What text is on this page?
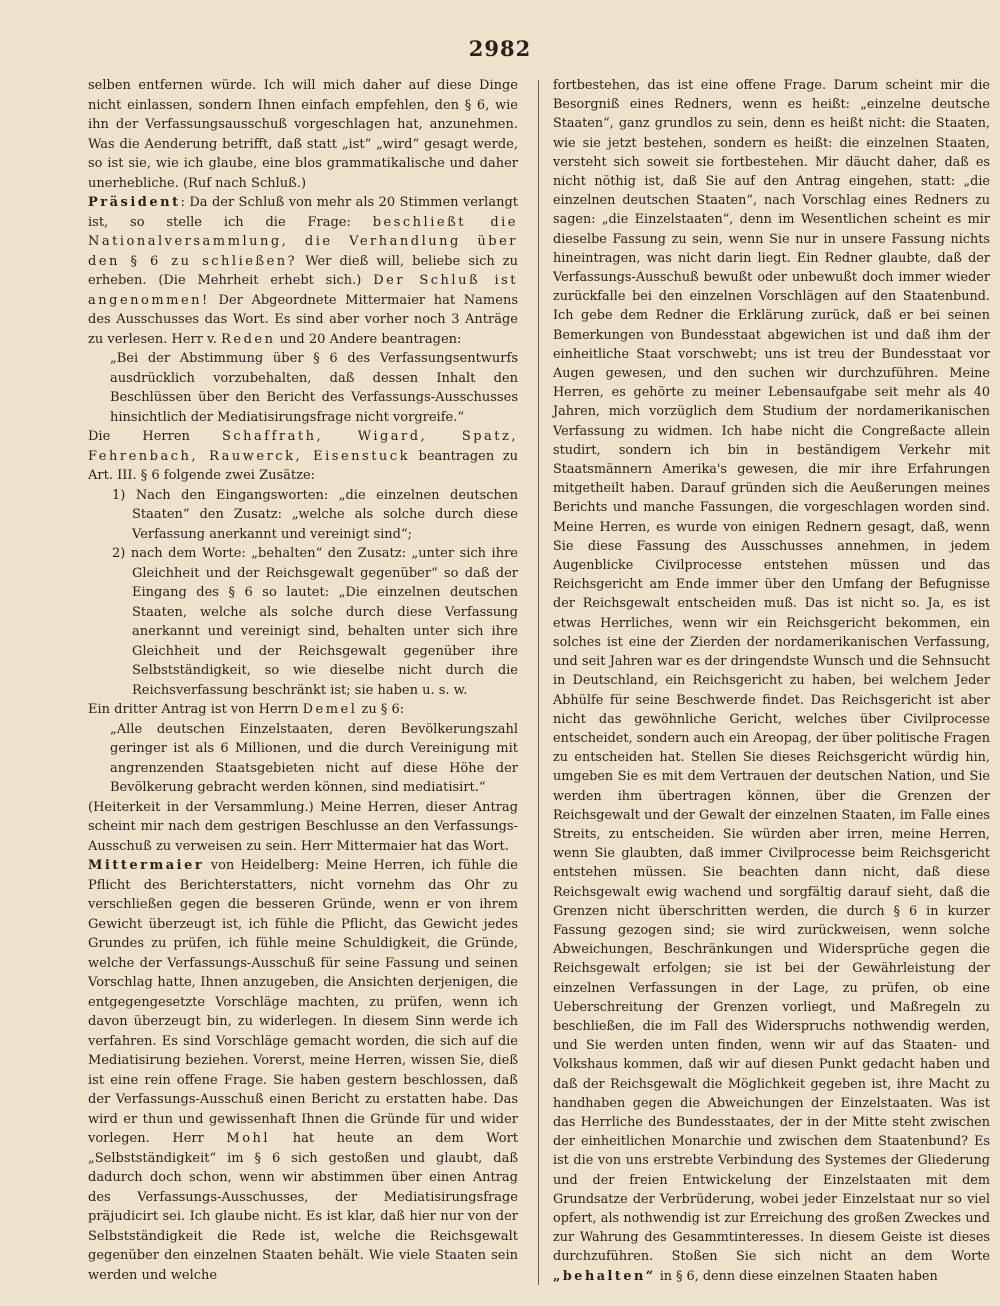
2982

selben entfernen würde. Ich will mich daher auf diese Dinge nicht einlassen, sondern Ihnen einfach empfehlen, den § 6, wie ihn der Verfassungsausschuß vorgeschlagen hat, anzunehmen. Was die Aenderung betrifft, daß statt „ist“ „wird“ gesagt werde, so ist sie, wie ich glaube, eine blos grammatikalische und daher unerhebliche. (Ruf nach Schluß.)

Präsident: Da der Schluß von mehr als 20 Stimmen verlangt ist, so stelle ich die Frage: beschließt die Nationalversammlung, die Verhandlung über den § 6 zu schließen? Wer dieß will, beliebe sich zu erheben. (Die Mehrheit erhebt sich.) Der Schluß ist angenommen! Der Abgeordnete Mittermaier hat Namens des Ausschusses das Wort. Es sind aber vorher noch 3 Anträge zu verlesen. Herr v. Reden und 20 Andere beantragen:

„Bei der Abstimmung über § 6 des Verfassungsentwurfs ausdrücklich vorzubehalten, daß dessen Inhalt den Beschlüssen über den Bericht des Verfassungs-Ausschusses hinsichtlich der Mediatisirungsfrage nicht vorgreife.“

Die Herren Schaffrath, Wigard, Spatz, Fehrenbach, Rauwerck, Eisenstuck beantragen zu Art. III. § 6 folgende zwei Zusätze:

1) Nach den Eingangsworten: „die einzelnen deutschen Staaten“ den Zusatz: „welche als solche durch diese Verfassung anerkannt und vereinigt sind“;

2) nach dem Worte: „behalten“ den Zusatz: „unter sich ihre Gleichheit und der Reichsgewalt gegenüber“ so daß der Eingang des § 6 so lautet: „Die einzelnen deutschen Staaten, welche als solche durch diese Verfassung anerkannt und vereinigt sind, behalten unter sich ihre Gleichheit und der Reichsgewalt gegenüber ihre Selbstständigkeit, so wie dieselbe nicht durch die Reichsverfassung beschränkt ist; sie haben u. s. w.

Ein dritter Antrag ist von Herrn Demel zu § 6:

„Alle deutschen Einzelstaaten, deren Bevölkerungszahl geringer ist als 6 Millionen, und die durch Vereinigung mit angrenzenden Staatsgebieten nicht auf diese Höhe der Bevölkerung gebracht werden können, sind mediatisirt.“

(Heiterkeit in der Versammlung.) Meine Herren, dieser Antrag scheint mir nach dem gestrigen Beschlusse an den Verfassungs-Ausschuß zu verweisen zu sein. Herr Mittermaier hat das Wort.

Mittermaier von Heidelberg: Meine Herren, ich fühle die Pflicht des Berichterstatters, nicht vornehm das Ohr zu verschließen gegen die besseren Gründe, wenn er von ihrem Gewicht überzeugt ist, ich fühle die Pflicht, das Gewicht jedes Grundes zu prüfen, ich fühle meine Schuldigkeit, die Gründe, welche der Verfassungs-Ausschuß für seine Fassung und seinen Vorschlag hatte, Ihnen anzugeben, die Ansichten derjenigen, die entgegengesetzte Vorschläge machten, zu prüfen, wenn ich davon überzeugt bin, zu widerlegen. In diesem Sinn werde ich verfahren. Es sind Vorschläge gemacht worden, die sich auf die Mediatisirung beziehen. Vorerst, meine Herren, wissen Sie, dieß ist eine rein offene Frage. Sie haben gestern beschlossen, daß der Verfassungs-Ausschuß einen Bericht zu erstatten habe. Das wird er thun und gewissenhaft Ihnen die Gründe für und wider vorlegen. Herr Mohl hat heute an dem Wort „Selbstständigkeit“ im § 6 sich gestoßen und glaubt, daß dadurch doch schon, wenn wir abstimmen über einen Antrag des Verfassungs-Ausschusses, der Mediatisirungsfrage präjudicirt sei. Ich glaube nicht. Es ist klar, daß hier nur von der Selbstständigkeit die Rede ist, welche die Reichsgewalt gegenüber den einzelnen Staaten behält. Wie viele Staaten sein werden und welche

fortbestehen, das ist eine offene Frage. Darum scheint mir die Besorgniß eines Redners, wenn es heißt: „einzelne deutsche Staaten“, ganz grundlos zu sein, denn es heißt nicht: die Staaten, wie sie jetzt bestehen, sondern es heißt: die einzelnen Staaten, versteht sich soweit sie fortbestehen. Mir däucht daher, daß es nicht nöthig ist, daß Sie auf den Antrag eingehen, statt: „die einzelnen deutschen Staaten“, nach Vorschlag eines Redners zu sagen: „die Einzelstaaten“, denn im Wesentlichen scheint es mir dieselbe Fassung zu sein, wenn Sie nur in unsere Fassung nichts hineintragen, was nicht darin liegt. Ein Redner glaubte, daß der Verfassungs-Ausschuß bewußt oder unbewußt doch immer wieder zurückfalle bei den einzelnen Vorschlägen auf den Staatenbund. Ich gebe dem Redner die Erklärung zurück, daß er bei seinen Bemerkungen von Bundesstaat abgewichen ist und daß ihm der einheitliche Staat vorschwebt; uns ist treu der Bundesstaat vor Augen gewesen, und den suchen wir durchzuführen. Meine Herren, es gehörte zu meiner Lebensaufgabe seit mehr als 40 Jahren, mich vorzüglich dem Studium der nordamerikanischen Verfassung zu widmen. Ich habe nicht die Congreßacte allein studirt, sondern ich bin in beständigem Verkehr mit Staatsmännern Amerika's gewesen, die mir ihre Erfahrungen mitgetheilt haben. Darauf gründen sich die Aeußerungen meines Berichts und manche Fassungen, die vorgeschlagen worden sind. Meine Herren, es wurde von einigen Rednern gesagt, daß, wenn Sie diese Fassung des Ausschusses annehmen, in jedem Augenblicke Civilprocesse entstehen müssen und das Reichsgericht am Ende immer über den Umfang der Befugnisse der Reichsgewalt entscheiden muß. Das ist nicht so. Ja, es ist etwas Herrliches, wenn wir ein Reichsgericht bekommen, ein solches ist eine der Zierden der nordamerikanischen Verfassung, und seit Jahren war es der dringendste Wunsch und die Sehnsucht in Deutschland, ein Reichsgericht zu haben, bei welchem Jeder Abhülfe für seine Beschwerde findet. Das Reichsgericht ist aber nicht das gewöhnliche Gericht, welches über Civilprocesse entscheidet, sondern auch ein Areopag, der über politische Fragen zu entscheiden hat. Stellen Sie dieses Reichsgericht würdig hin, umgeben Sie es mit dem Vertrauen der deutschen Nation, und Sie werden ihm übertragen können, über die Grenzen der Reichsgewalt und der Gewalt der einzelnen Staaten, im Falle eines Streits, zu entscheiden. Sie würden aber irren, meine Herren, wenn Sie glaubten, daß immer Civilprocesse beim Reichsgericht entstehen müssen. Sie beachten dann nicht, daß diese Reichsgewalt ewig wachend und sorgfältig darauf sieht, daß die Grenzen nicht überschritten werden, die durch § 6 in kurzer Fassung gezogen sind; sie wird zurückweisen, wenn solche Abweichungen, Beschränkungen und Widersprüche gegen die Reichsgewalt erfolgen; sie ist bei der Gewährleistung der einzelnen Verfassungen in der Lage, zu prüfen, ob eine Ueberschreitung der Grenzen vorliegt, und Maßregeln zu beschließen, die im Fall des Widerspruchs nothwendig werden, und Sie werden unten finden, wenn wir auf das Staaten- und Volkshaus kommen, daß wir auf diesen Punkt gedacht haben und daß der Reichsgewalt die Möglichkeit gegeben ist, ihre Macht zu handhaben gegen die Abweichungen der Einzelstaaten. Was ist das Herrliche des Bundesstaates, der in der Mitte steht zwischen der einheitlichen Monarchie und zwischen dem Staatenbund? Es ist die von uns erstrebte Verbindung des Systemes der Gliederung und der freien Entwickelung der Einzelstaaten mit dem Grundsatze der Verbrüderung, wobei jeder Einzelstaat nur so viel opfert, als nothwendig ist zur Erreichung des großen Zweckes und zur Wahrung des Gesammtinteresses. In diesem Geiste ist dieses durchzuführen. Stoßen Sie sich nicht an dem Worte „behalten“ in § 6, denn diese einzelnen Staaten haben
